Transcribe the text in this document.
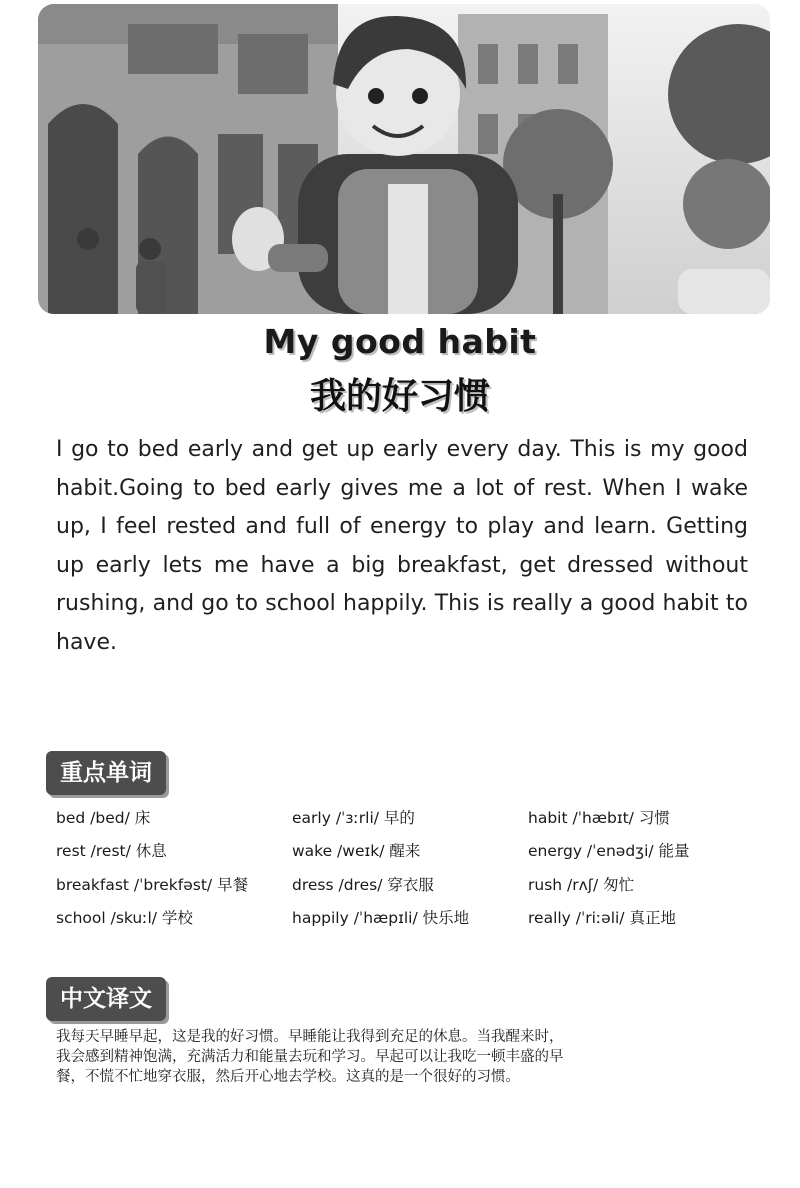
My good habit
我的好习惯
I go to bed early and get up early every day. This is my good habit.Going to bed early gives me a lot of rest. When I wake up, I feel rested and full of energy to play and learn. Getting up early lets me have a big breakfast, get dressed without rushing, and go to school happily. This is really a good habit to have.
重点单词
bed /bed/ 床	early /ˈɜːrli/ 早的	habit /ˈhæbɪt/ 习惯
rest /rest/ 休息	wake /weɪk/ 醒来	energy /ˈenədʒi/ 能量
breakfast /ˈbrekfəst/ 早餐	dress /dres/ 穿衣服	rush /rʌʃ/ 匆忙
school /skuːl/ 学校	happily /ˈhæpɪli/ 快乐地	really /ˈriːəli/ 真正地
中文译文
我每天早睡早起，这是我的好习惯。早睡能让我得到充足的休息。当我醒来时，
我会感到精神饱满，充满活力和能量去玩和学习。早起可以让我吃一顿丰盛的早
餐，不慌不忙地穿衣服，然后开心地去学校。这真的是一个很好的习惯。
